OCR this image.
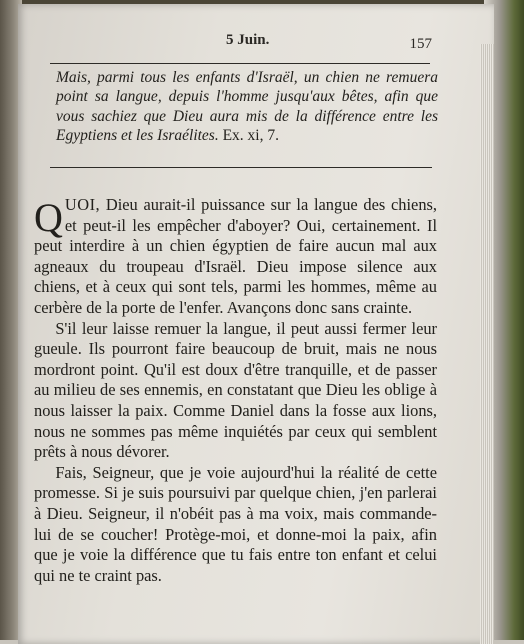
5 Juin.	157
Mais, parmi tous les enfants d'Israël, un chien ne remuera point sa langue, depuis l'homme jusqu'aux bêtes, afin que vous sachiez que Dieu aura mis de la différence entre les Egyptiens et les Israélites. Ex. xi, 7.

QUOI, Dieu aurait-il puissance sur la langue des chiens, et peut-il les empêcher d'aboyer? Oui, certainement. Il peut interdire à un chien égyptien de faire aucun mal aux agneaux du troupeau d'Israël. Dieu impose silence aux chiens, et à ceux qui sont tels, parmi les hommes, même au cerbère de la porte de l'enfer. Avançons donc sans crainte.

S'il leur laisse remuer la langue, il peut aussi fermer leur gueule. Ils pourront faire beaucoup de bruit, mais ne nous mordront point. Qu'il est doux d'être tranquille, et de passer au milieu de ses ennemis, en constatant que Dieu les oblige à nous laisser la paix. Comme Daniel dans la fosse aux lions, nous ne sommes pas même inquiétés par ceux qui semblent prêts à nous dévorer.

Fais, Seigneur, que je voie aujourd'hui la réalité de cette promesse. Si je suis poursuivi par quelque chien, j'en parlerai à Dieu. Seigneur, il n'obéit pas à ma voix, mais commande-lui de se coucher! Protège-moi, et donne-moi la paix, afin que je voie la différence que tu fais entre ton enfant et celui qui ne te craint pas.
